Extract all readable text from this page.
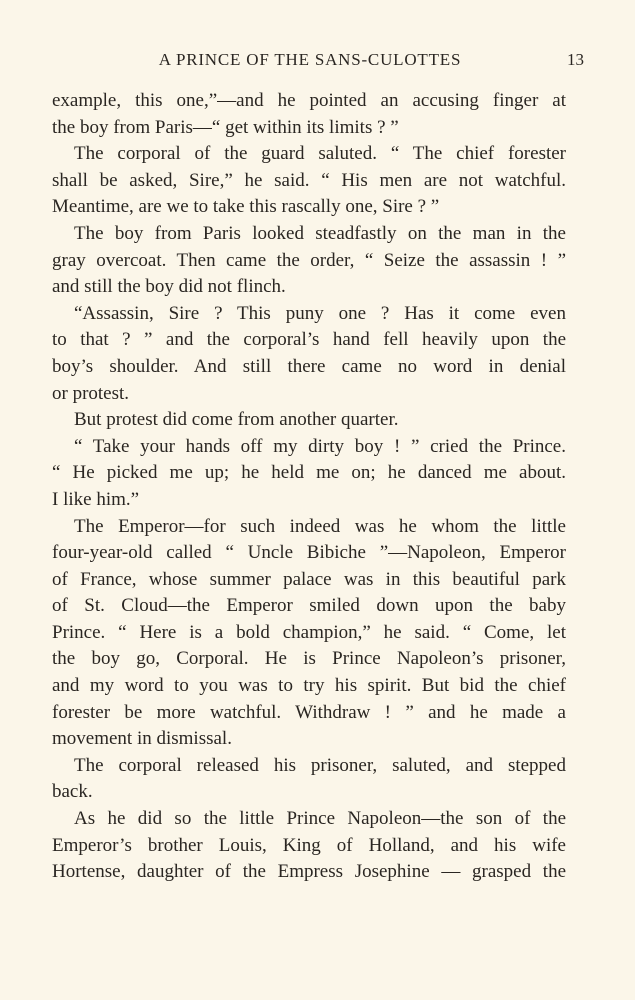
A PRINCE OF THE SANS-CULOTTES	13
example, this one,”—and he pointed an accusing finger at
the boy from Paris—“ get within its limits ? ”
The corporal of the guard saluted. “ The chief forester
shall be asked, Sire,” he said. “ His men are not watchful.
Meantime, are we to take this rascally one, Sire ? ”
The boy from Paris looked steadfastly on the man in the
gray overcoat. Then came the order, “ Seize the assassin ! ”
and still the boy did not flinch.
“Assassin, Sire ? This puny one ? Has it come even
to that ? ” and the corporal’s hand fell heavily upon the
boy’s shoulder. And still there came no word in denial
or protest.
But protest did come from another quarter.
“ Take your hands off my dirty boy ! ” cried the Prince.
“ He picked me up; he held me on; he danced me about.
I like him.”
The Emperor—for such indeed was he whom the little
four-year-old called “ Uncle Bibiche ”—Napoleon, Emperor
of France, whose summer palace was in this beautiful park
of St. Cloud—the Emperor smiled down upon the baby
Prince. “ Here is a bold champion,” he said. “ Come, let
the boy go, Corporal. He is Prince Napoleon’s prisoner,
and my word to you was to try his spirit. But bid the chief
forester be more watchful. Withdraw ! ” and he made a
movement in dismissal.
The corporal released his prisoner, saluted, and stepped
back.
As he did so the little Prince Napoleon—the son of the
Emperor’s brother Louis, King of Holland, and his wife
Hortense, daughter of the Empress Josephine — grasped the
